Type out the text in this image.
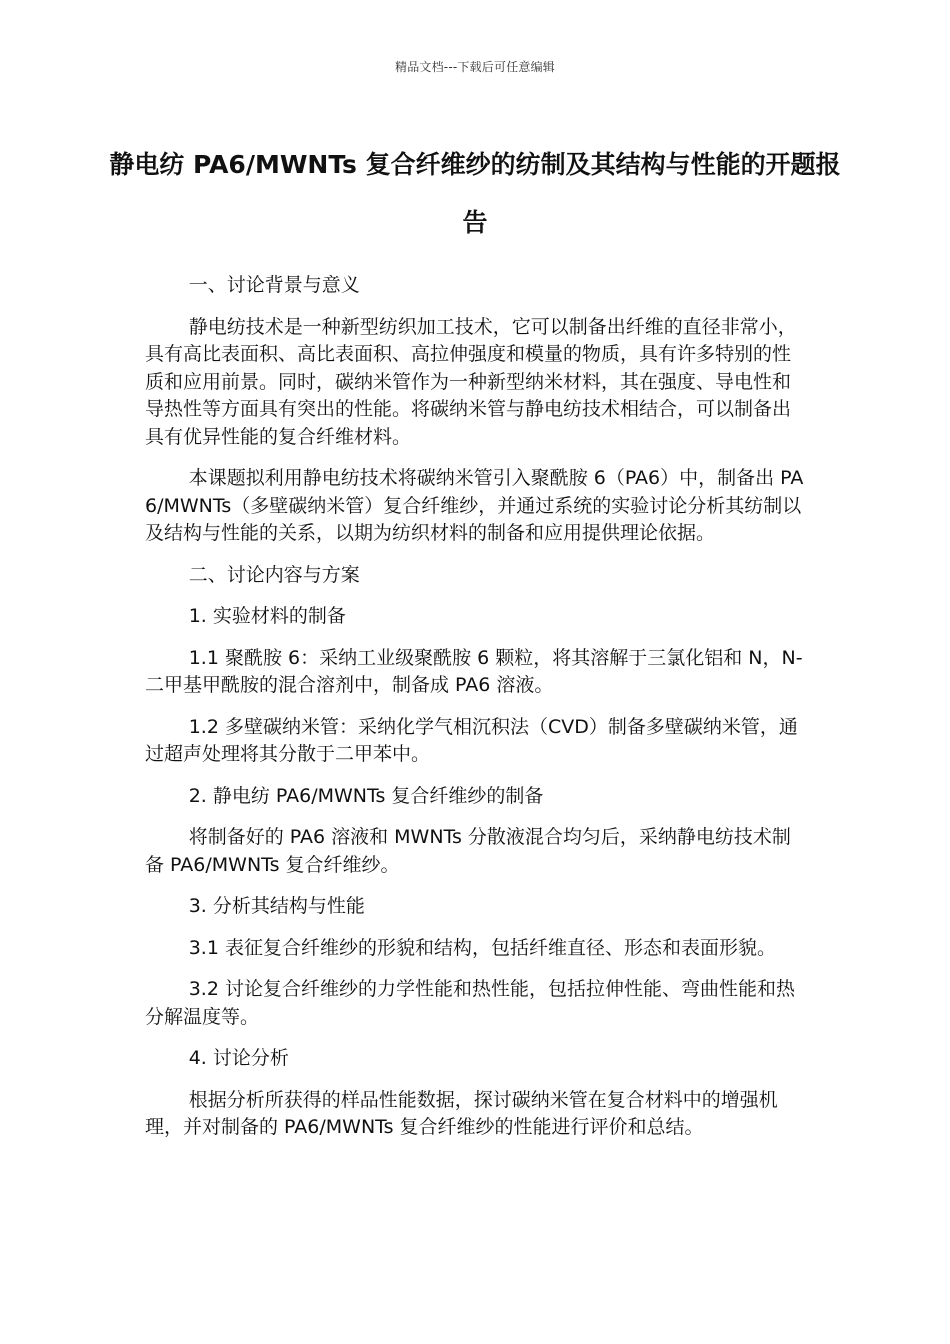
精品文档---下载后可任意编辑
静电纺 PA6/MWNTs 复合纤维纱的纺制及其结构与性能的开题报告

一、讨论背景与意义

静电纺技术是一种新型纺织加工技术，它可以制备出纤维的直径非常小，具有高比表面积、高比表面积、高拉伸强度和模量的物质，具有许多特别的性质和应用前景。同时，碳纳米管作为一种新型纳米材料，其在强度、导电性和导热性等方面具有突出的性能。将碳纳米管与静电纺技术相结合，可以制备出具有优异性能的复合纤维材料。

本课题拟利用静电纺技术将碳纳米管引入聚酰胺 6（PA6）中，制备出 PA6/MWNTs（多壁碳纳米管）复合纤维纱，并通过系统的实验讨论分析其纺制以及结构与性能的关系，以期为纺织材料的制备和应用提供理论依据。

二、讨论内容与方案

1. 实验材料的制备

1.1 聚酰胺 6：采纳工业级聚酰胺 6 颗粒，将其溶解于三氯化铝和 N，N-二甲基甲酰胺的混合溶剂中，制备成 PA6 溶液。

1.2 多壁碳纳米管：采纳化学气相沉积法（CVD）制备多壁碳纳米管，通过超声处理将其分散于二甲苯中。

2. 静电纺 PA6/MWNTs 复合纤维纱的制备

将制备好的 PA6 溶液和 MWNTs 分散液混合均匀后，采纳静电纺技术制备 PA6/MWNTs 复合纤维纱。

3. 分析其结构与性能

3.1 表征复合纤维纱的形貌和结构，包括纤维直径、形态和表面形貌。

3.2 讨论复合纤维纱的力学性能和热性能，包括拉伸性能、弯曲性能和热分解温度等。

4. 讨论分析

根据分析所获得的样品性能数据，探讨碳纳米管在复合材料中的增强机理，并对制备的 PA6/MWNTs 复合纤维纱的性能进行评价和总结。
